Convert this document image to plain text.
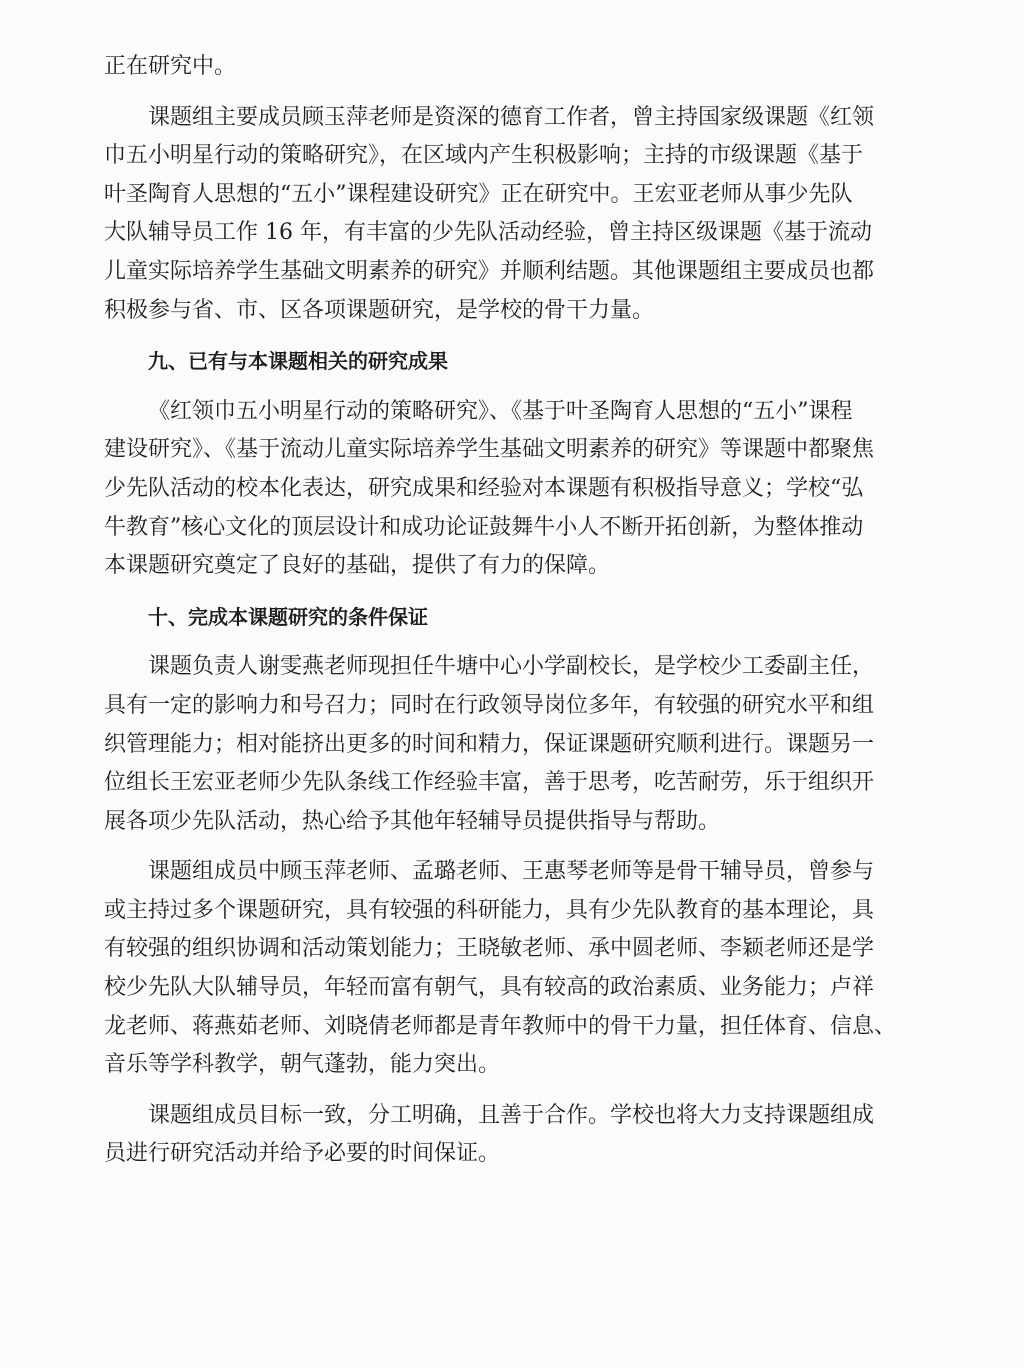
正在研究中。

课题组主要成员顾玉萍老师是资深的德育工作者，曾主持国家级课题《红领

巾五小明星行动的策略研究》，在区域内产生积极影响；主持的市级课题《基于

叶圣陶育人思想的“五小”课程建设研究》正在研究中。王宏亚老师从事少先队

大队辅导员工作 16 年，有丰富的少先队活动经验，曾主持区级课题《基于流动

儿童实际培养学生基础文明素养的研究》并顺利结题。其他课题组主要成员也都

积极参与省、市、区各项课题研究，是学校的骨干力量。

九、已有与本课题相关的研究成果

《红领巾五小明星行动的策略研究》、《基于叶圣陶育人思想的“五小”课程

建设研究》、《基于流动儿童实际培养学生基础文明素养的研究》等课题中都聚焦

少先队活动的校本化表达，研究成果和经验对本课题有积极指导意义；学校“弘

牛教育”核心文化的顶层设计和成功论证鼓舞牛小人不断开拓创新，为整体推动

本课题研究奠定了良好的基础，提供了有力的保障。

十、完成本课题研究的条件保证

课题负责人谢雯燕老师现担任牛塘中心小学副校长，是学校少工委副主任，

具有一定的影响力和号召力；同时在行政领导岗位多年，有较强的研究水平和组

织管理能力；相对能挤出更多的时间和精力，保证课题研究顺利进行。课题另一

位组长王宏亚老师少先队条线工作经验丰富，善于思考，吃苦耐劳，乐于组织开

展各项少先队活动，热心给予其他年轻辅导员提供指导与帮助。

课题组成员中顾玉萍老师、孟璐老师、王惠琴老师等是骨干辅导员，曾参与

或主持过多个课题研究，具有较强的科研能力，具有少先队教育的基本理论，具

有较强的组织协调和活动策划能力；王晓敏老师、承中圆老师、李颖老师还是学

校少先队大队辅导员，年轻而富有朝气，具有较高的政治素质、业务能力；卢祥

龙老师、蒋燕茹老师、刘晓倩老师都是青年教师中的骨干力量，担任体育、信息、

音乐等学科教学，朝气蓬勃，能力突出。

课题组成员目标一致，分工明确，且善于合作。学校也将大力支持课题组成

员进行研究活动并给予必要的时间保证。
